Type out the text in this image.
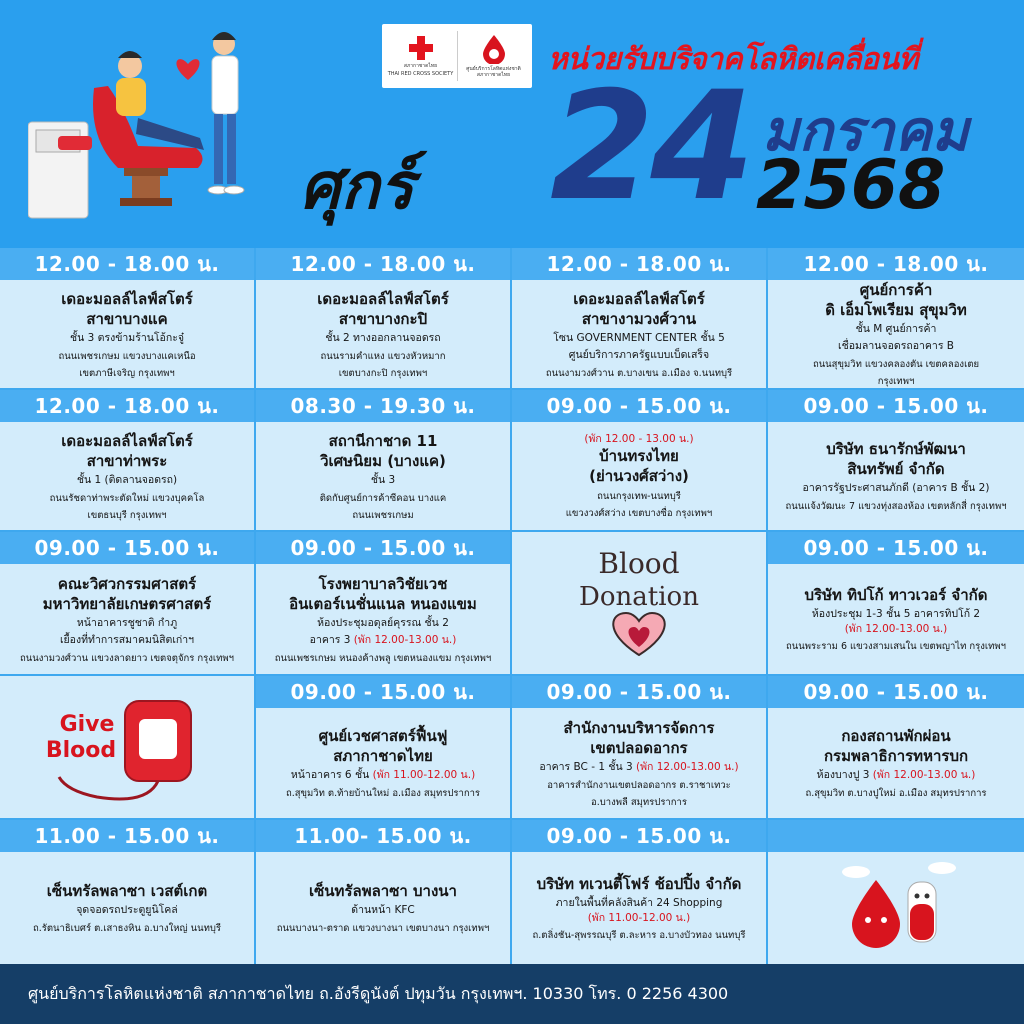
สภากาชาดไทย
THAI RED CROSS SOCIETY
ศูนย์บริการโลหิตแห่งชาติ สภากาชาดไทย	หน่วยรับบริจาคโลหิตเคลื่อนที่
ศุกร์ 24 มกราคม
2568
12.00 - 18.00 น.
เดอะมอลล์ไลฟ์สโตร์
สาขาบางแค
ชั้น 3 ตรงข้ามร้านโอ้กะจู๋
ถนนเพชรเกษม แขวงบางแคเหนือ
เขตภาษีเจริญ กรุงเทพฯ
12.00 - 18.00 น.
เดอะมอลล์ไลฟ์สโตร์
สาขาบางกะปิ
ชั้น 2 ทางออกลานจอดรถ
ถนนรามคำแหง แขวงหัวหมาก
เขตบางกะปิ กรุงเทพฯ
12.00 - 18.00 น.
เดอะมอลล์ไลฟ์สโตร์
สาขางามวงศ์วาน
โซน GOVERNMENT CENTER ชั้น 5
ศูนย์บริการภาครัฐแบบเบ็ดเสร็จ
ถนนงามวงศ์วาน ต.บางเขน อ.เมือง จ.นนทบุรี
12.00 - 18.00 น.
ศูนย์การค้า
ดิ เอ็มโพเรียม สุขุมวิท
ชั้น M ศูนย์การค้า
เชื่อมลานจอดรถอาคาร B
ถนนสุขุมวิท แขวงคลองตัน เขตคลองเตย
กรุงเทพฯ
12.00 - 18.00 น.
เดอะมอลล์ไลฟ์สโตร์
สาขาท่าพระ
ชั้น 1 (ติดลานจอดรถ)
ถนนรัชดาท่าพระตัดใหม่ แขวงบุคคโล
เขตธนบุรี กรุงเทพฯ
08.30 - 19.30 น.
สถานีกาชาด 11
วิเศษนิยม (บางแค)
ชั้น 3
ติดกับศูนย์การค้าซีคอน บางแค
ถนนเพชรเกษม
09.00 - 15.00 น.
(พัก 12.00 - 13.00 น.)
บ้านทรงไทย
(ย่านวงศ์สว่าง)
ถนนกรุงเทพ-นนทบุรี
แขวงวงศ์สว่าง เขตบางซื่อ กรุงเทพฯ
09.00 - 15.00 น.
บริษัท ธนารักษ์พัฒนา
สินทรัพย์ จำกัด
อาคารรัฐประศาสนภักดี (อาคาร B ชั้น 2)
ถนนแจ้งวัฒนะ 7 แขวงทุ่งสองห้อง เขตหลักสี่ กรุงเทพฯ
09.00 - 15.00 น.
คณะวิศวกรรมศาสตร์
มหาวิทยาลัยเกษตรศาสตร์
หน้าอาคารชูชาติ กำภู
เยื้องที่ทำการสมาคมนิสิตเก่าฯ
ถนนงามวงศ์วาน แขวงลาดยาว เขตจตุจักร กรุงเทพฯ
09.00 - 15.00 น.
โรงพยาบาลวิชัยเวช
อินเตอร์เนชั่นแนล หนองแขม
ห้องประชุมอดุลย์คุรรณ ชั้น 2
อาคาร 3 (พัก 12.00-13.00 น.)
ถนนเพชรเกษม หนองค้างพลู เขตหนองแขม กรุงเทพฯ
Blood
Donation
09.00 - 15.00 น.
บริษัท ทิปโก้ ทาวเวอร์ จำกัด
ห้องประชุม 1-3 ชั้น 5 อาคารทิปโก้ 2
(พัก 12.00-13.00 น.)
ถนนพระราม 6 แขวงสามเสนใน เขตพญาไท กรุงเทพฯ
Give
Blood
09.00 - 15.00 น.
ศูนย์เวชศาสตร์ฟื้นฟู
สภากาชาดไทย
หน้าอาคาร 6 ชั้น (พัก 11.00-12.00 น.)
ถ.สุขุมวิท ต.ท้ายบ้านใหม่ อ.เมือง สมุทรปราการ
09.00 - 15.00 น.
สำนักงานบริหารจัดการ
เขตปลอดอากร
อาคาร BC - 1 ชั้น 3 (พัก 12.00-13.00 น.)
อาคารสำนักงานเขตปลอดอากร ต.ราชาเทวะ
อ.บางพลี สมุทรปราการ
09.00 - 15.00 น.
กองสถานพักผ่อน
กรมพลาธิการทหารบก
ห้องบางปู 3 (พัก 12.00-13.00 น.)
ถ.สุขุมวิท ต.บางปูใหม่ อ.เมือง สมุทรปราการ
11.00 - 15.00 น.
เซ็นทรัลพลาซา เวสต์เกต
จุดจอดรถประตูยูนิโคล่
ถ.รัตนาธิเบศร์ ต.เสาธงหิน อ.บางใหญ่ นนทบุรี
11.00- 15.00 น.
เซ็นทรัลพลาซา บางนา
ด้านหน้า KFC
ถนนบางนา-ตราด แขวงบางนา เขตบางนา กรุงเทพฯ
09.00 - 15.00 น.
บริษัท ทเวนตี้โฟร์ ช้อปปิ้ง จำกัด
ภายในพื้นที่คลังสินค้า 24 Shopping
(พัก 11.00-12.00 น.)
ถ.ตลิ่งชัน-สุพรรณบุรี ต.ละหาร อ.บางบัวทอง นนทบุรี
ศูนย์บริการโลหิตแห่งชาติ สภากาชาดไทย ถ.อังรีดูนังต์ ปทุมวัน กรุงเทพฯ. 10330 โทร. 0 2256 4300
